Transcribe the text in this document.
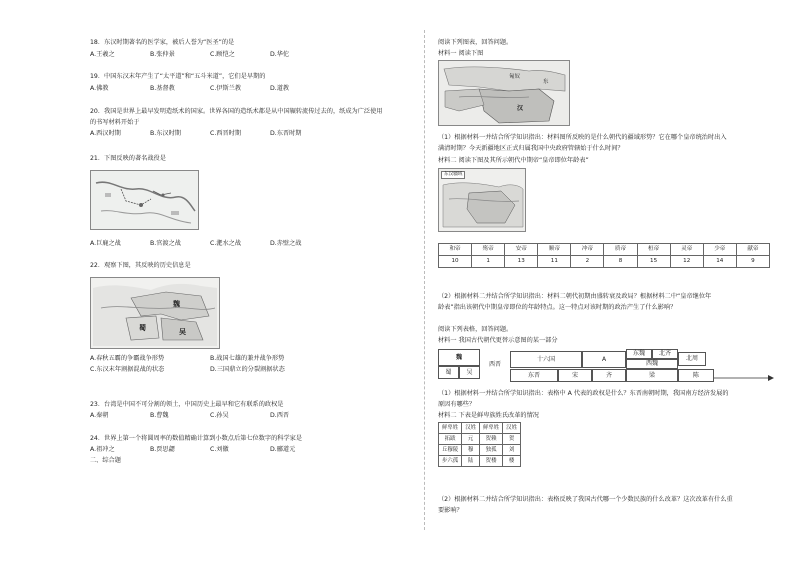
18．东汉时期著名的医学家，被后人誉为“医圣”的是
A.王羲之	B.张仲景	C.顾恺之	D.华佗
19．中国东汉末年产生了“太平道”和“五斗米道”，它们是早期的
A.佛教	B.基督教	C.伊斯兰教	D.道教
20．我国是世界上最早发明造纸术的国家。世界各国的造纸术都是从中国辗转流传过去的，纸成为广泛使用
的书写材料开始于
A.西汉时期	B.东汉时期	C.西晋时期	D.东晋时期
21．下图反映的著名战役是
A.巨鹿之战	B.官渡之战	C.淝水之战	D.赤壁之战
22．观察下图，其反映的历史信息是
魏
蜀	吴
A.春秋五霸的争霸战争形势	B.战国七雄的兼并战争形势
C.东汉末年割据混战的状态	D.三国鼎立的分裂割据状态
23．台湾是中国不可分割的领土，中国历史上最早和它有联系的政权是
A.秦朝	B.曹魏	C.孙吴	D.西晋
24．世界上第一个将圆周率的数值精确计算到小数点后第七位数字的科学家是
A.祖冲之	B.贾思勰	C.刘徽	D.郦道元
二、综合题
阅读下列图表，回答问题。
材料一 阅读下图
东
匈奴
汉
（1）根据材料一并结合所学知识指出：材料图所反映的是什么朝代的疆域形势？它在哪个皇帝统治时出入
满清时期？今天新疆地区正式归属我国中央政府管辖始于什么时间？
材料二 阅读下图及其所示朝代中期帝“皇帝即位年龄表”
东汉疆域
和帝	殇帝	安帝	顺帝	冲帝	质帝	桓帝	灵帝	少帝	献帝
10	1	13	11	2	8	15	12	14	9
（2）根据材料二并结合所学知识指出：材料二朝代初期由盛转衰及政局？根据材料二中“皇帝继位年
龄表”指出该朝代中期皇帝即位的年龄特点。这一特点对该时期的政治产生了什么影响？
阅读下列表格，回答问题。
材料一 我国古代朝代更替示意图的某一部分
魏
蜀	吴
西晋
十六国	A
东魏	北齐
西魏
北周
东晋	宋	齐	梁	陈
（1）根据材料一并结合所学知识指出：表格中 A 代表的政权是什么？东晋南朝时期，我国南方经济发展的
原因有哪些？
材料二 下表是鲜卑族姓氏改革的情况
鲜卑姓	汉姓	鲜卑姓	汉姓
拓跋	元	贺赖	贺
丘穆陵	穆	独孤	刘
步六孤	陆	贺楼	楼
（2）根据材料二并结合所学知识指出：表格反映了我国古代哪一个少数民族的什么改革？这次改革有什么重
要影响？
